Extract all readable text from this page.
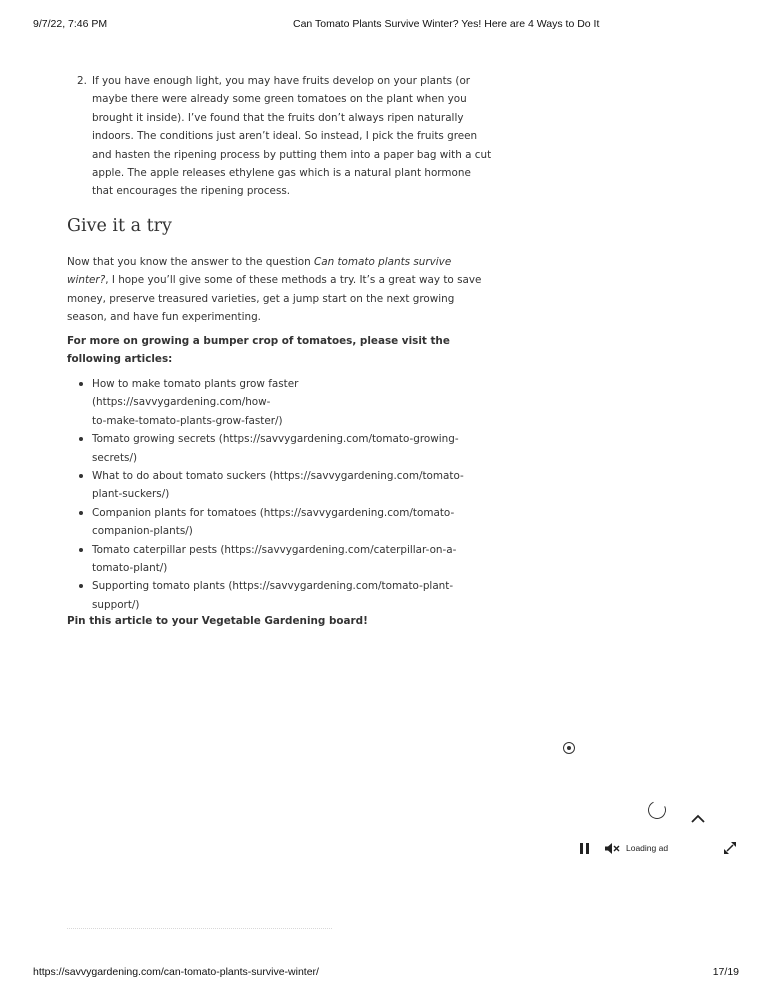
9/7/22, 7:46 PM	Can Tomato Plants Survive Winter? Yes! Here are 4 Ways to Do It
2. If you have enough light, you may have fruits develop on your plants (or

maybe there were already some green tomatoes on the plant when you

brought it inside). I’ve found that the fruits don’t always ripen naturally

indoors. The conditions just aren’t ideal. So instead, I pick the fruits green

and hasten the ripening process by putting them into a paper bag with a cut

apple. The apple releases ethylene gas which is a natural plant hormone

that encourages the ripening process.

Give it a try

Now that you know the answer to the question Can tomato plants survive

winter?, I hope you’ll give some of these methods a try. It’s a great way to save

money, preserve treasured varieties, get a jump start on the next growing

season, and have fun experimenting.

For more on growing a bumper crop of tomatoes, please visit the

following articles:

How to make tomato plants grow faster (https://savvygardening.com/how-
to-make-tomato-plants-grow-faster/)
Tomato growing secrets (https://savvygardening.com/tomato-growing-
secrets/)
What to do about tomato suckers (https://savvygardening.com/tomato-
plant-suckers/)
Companion plants for tomatoes (https://savvygardening.com/tomato-
companion-plants/)
Tomato caterpillar pests (https://savvygardening.com/caterpillar-on-a-
tomato-plant/)
Supporting tomato plants (https://savvygardening.com/tomato-plant-
support/)

Pin this article to your Vegetable Gardening board!

Loading ad
https://savvygardening.com/can-tomato-plants-survive-winter/	17/19
